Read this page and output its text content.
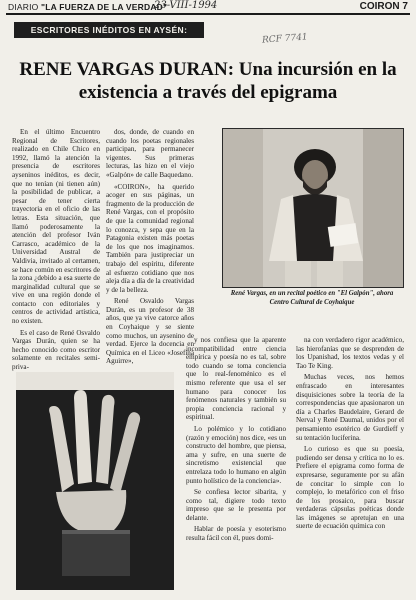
DIARIO "LA FUERZA DE LA VERDAD"
23-VIII-1994	COIRON 7
ESCRITORES INÉDITOS EN AYSÉN:
RCF 7741
RENE VARGAS DURAN: Una incursión en la existencia a través del epigrama

En el último Encuentro Regional de Escritores, realizado en Chile Chico en 1992, llamó la atención la presencia de escritores ayseninos inéditos, es decir, que no tenían (ni tienen aún) la posibilidad de publicar, a pesar de tener cierta trayectoria en el oficio de las letras. Esta situación, que llamó poderosamente la atención del profesor Iván Carrasco, académico de la Universidad Austral de Valdivia, invitado al certamen, se hace común en escritores de la zona ¿debido a esa suerte de marginalidad cultural que se vive en una región donde el contacto con editoriales y centros de actividad artística, no existen.

Es el caso de René Osvaldo Vargas Durán, quien se ha hecho conocido como escritor solamente en recitales semi-priva-

dos, donde, de cuando en cuando los poetas regionales participan, para permanecer vigentes. Sus primeras lecturas, las hizo en el viejo «Galpón» de calle Baquedano.

«COIRON», ha querido acoger en sus páginas, un fragmento de la producción de René Vargas, con el propósito de que la comunidad regional lo conozca, y sepa que en la Patagonia existen más poetas de los que nos imaginamos. También para justipreciar un trabajo del espíritu, diferente al esfuerzo cotidiano que nos aleja día a día de la creatividad y de la belleza.

René Osvaldo Vargas Durán, es un profesor de 38 años, que ya vive catorce años en Coyhaique y se siente como muchos, un aysenino de verdad. Ejerce la docencia en Química en el Liceo «Josefina Aguirre»,

René Vargas, en un recital poético en "El Galpón", ahora Centro Cultural de Coyhaique

y nos confiesa que la aparente incompatibilidad entre ciencia empírica y poesía no es tal, sobre todo cuando se toma conciencia que lo real-fenoménico es el mismo referente que usa el ser humano para conocer los fenómenos naturales y también su propia conciencia racional y espiritual.

Lo polémico y lo cotidiano (razón y emoción) nos dice, «es un constructo del hombre, que piensa, ama y sufre, en una suerte de sincretismo existencial que entrelaza todo lo humano en algún punto holístico de la conciencia».

Se confiesa lector sibarita, y como tal, digiere todo texto impreso que se le presenta por delante.

Hablar de poesía y esoterismo resulta fácil con él, pues domi-

na con verdadero rigor académico, las hierofanías que se desprenden de los Upanishad, los textos vedas y el Tao Te King.

Muchas veces, nos hemos enfrascado en interesantes disquisiciones sobre la teoría de la correspondencias que apasionaron un día a Charles Baudelaire, Gerard de Nerval y René Daumal, unidos por el pensamiento esotérico de Gurdieff y su tentación luciferina.

Lo curioso es que su poesía, pudiendo ser densa y crítica no lo es. Prefiere el epigrama como forma de expresarse, seguramente por su afán de concitar lo simple con lo complejo, lo metafórico con el friso de los prosaico, para buscar verdaderas cápsulas poéticas donde las imágenes se apretujan en una suerte de ecuación química con
